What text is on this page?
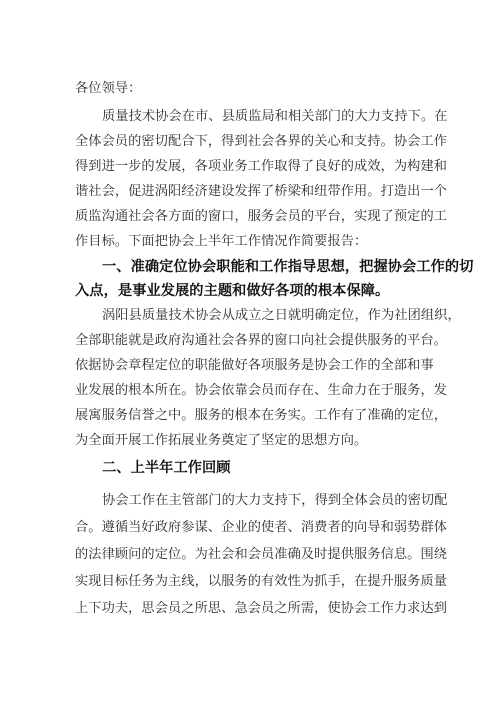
各位领导：
质量技术协会在市、县质监局和相关部门的大力支持下。在
全体会员的密切配合下，得到社会各界的关心和支持。协会工作
得到进一步的发展，各项业务工作取得了良好的成效，为构建和
谐社会，促进涡阳经济建设发挥了桥梁和纽带作用。打造出一个
质监沟通社会各方面的窗口，服务会员的平台，实现了预定的工
作目标。下面把协会上半年工作情况作简要报告：
一、准确定位协会职能和工作指导思想，把握协会工作的切
入点，是事业发展的主题和做好各项的根本保障。
涡阳县质量技术协会从成立之日就明确定位，作为社团组织，
全部职能就是政府沟通社会各界的窗口向社会提供服务的平台。
依据协会章程定位的职能做好各项服务是协会工作的全部和事
业发展的根本所在。协会依靠会员而存在、生命力在于服务，发
展寓服务信誉之中。服务的根本在务实。工作有了准确的定位，
为全面开展工作拓展业务奠定了坚定的思想方向。
二、上半年工作回顾
协会工作在主管部门的大力支持下，得到全体会员的密切配
合。遵循当好政府参谋、企业的使者、消费者的向导和弱势群体
的法律顾问的定位。为社会和会员准确及时提供服务信息。围绕
实现目标任务为主线，以服务的有效性为抓手，在提升服务质量
上下功夫，思会员之所思、急会员之所需，使协会工作力求达到
